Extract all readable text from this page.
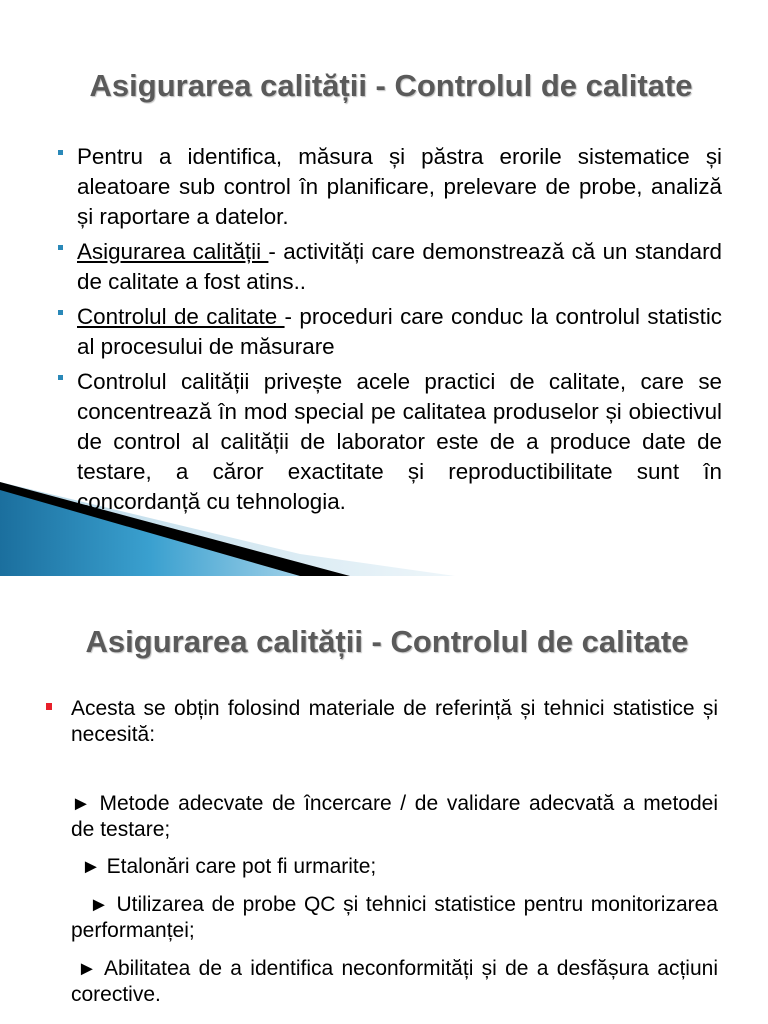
Asigurarea calității - Controlul de calitate
Pentru a identifica, măsura și păstra erorile sistematice și aleatoare sub control în planificare, prelevare de probe, analiză și raportare a datelor.
Asigurarea calității - activități care demonstrează că un standard de calitate a fost atins..
Controlul de calitate - proceduri care conduc la controlul statistic al procesului de măsurare
Controlul calității privește acele practici de calitate, care se concentrează în mod special pe calitatea produselor și obiectivul de control al calității de laborator este de a produce date de testare, a căror exactitate și reproductibilitate sunt în concordanță cu tehnologia.
Asigurarea calității - Controlul de calitate
Acesta se obțin folosind materiale de referință și tehnici statistice și necesită:

► Metode adecvate de încercare / de validare adecvată a metodei de testare;

► Etalonări care pot fi urmarite;

► Utilizarea de probe QC și tehnici statistice pentru monitorizarea performanței;

► Abilitatea de a identifica neconformități și de a desfășura acțiuni corective.
